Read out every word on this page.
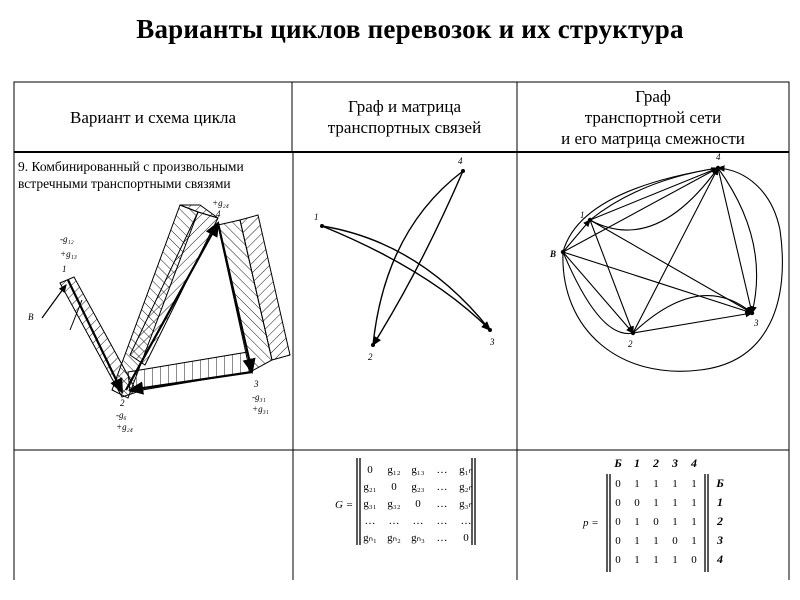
Варианты циклов перевозок и их структура
Вариант и схема цикла
Граф и матрица
транспортных связей
Граф
транспортной сети
и его матрица смежности
9. Комбинированный с произвольными
встречными транспортными связями
-g₁₂
+g₁₃
1
В
2
-g₆
+g₂₄
+g₂₄
4
3
-g₃₁
+g₃₁
1
2
3
4
1
4
B
2
3
G =
0 g₁₂ g₁₃ … g₁ₙ
g₂₁ 0 g₂₃ … g₂ₙ
g₃₁ g₃₂ 0 … g₃ₙ
… … … … …
gₙ₁ gₙ₂ gₙ₃ … 0
p =
Б 1 2 3 4
Б
1
2
3
4
0 1 1 1 1
0 0 1 1 1
0 1 0 1 1
0 1 1 0 1
0 1 1 1 0
